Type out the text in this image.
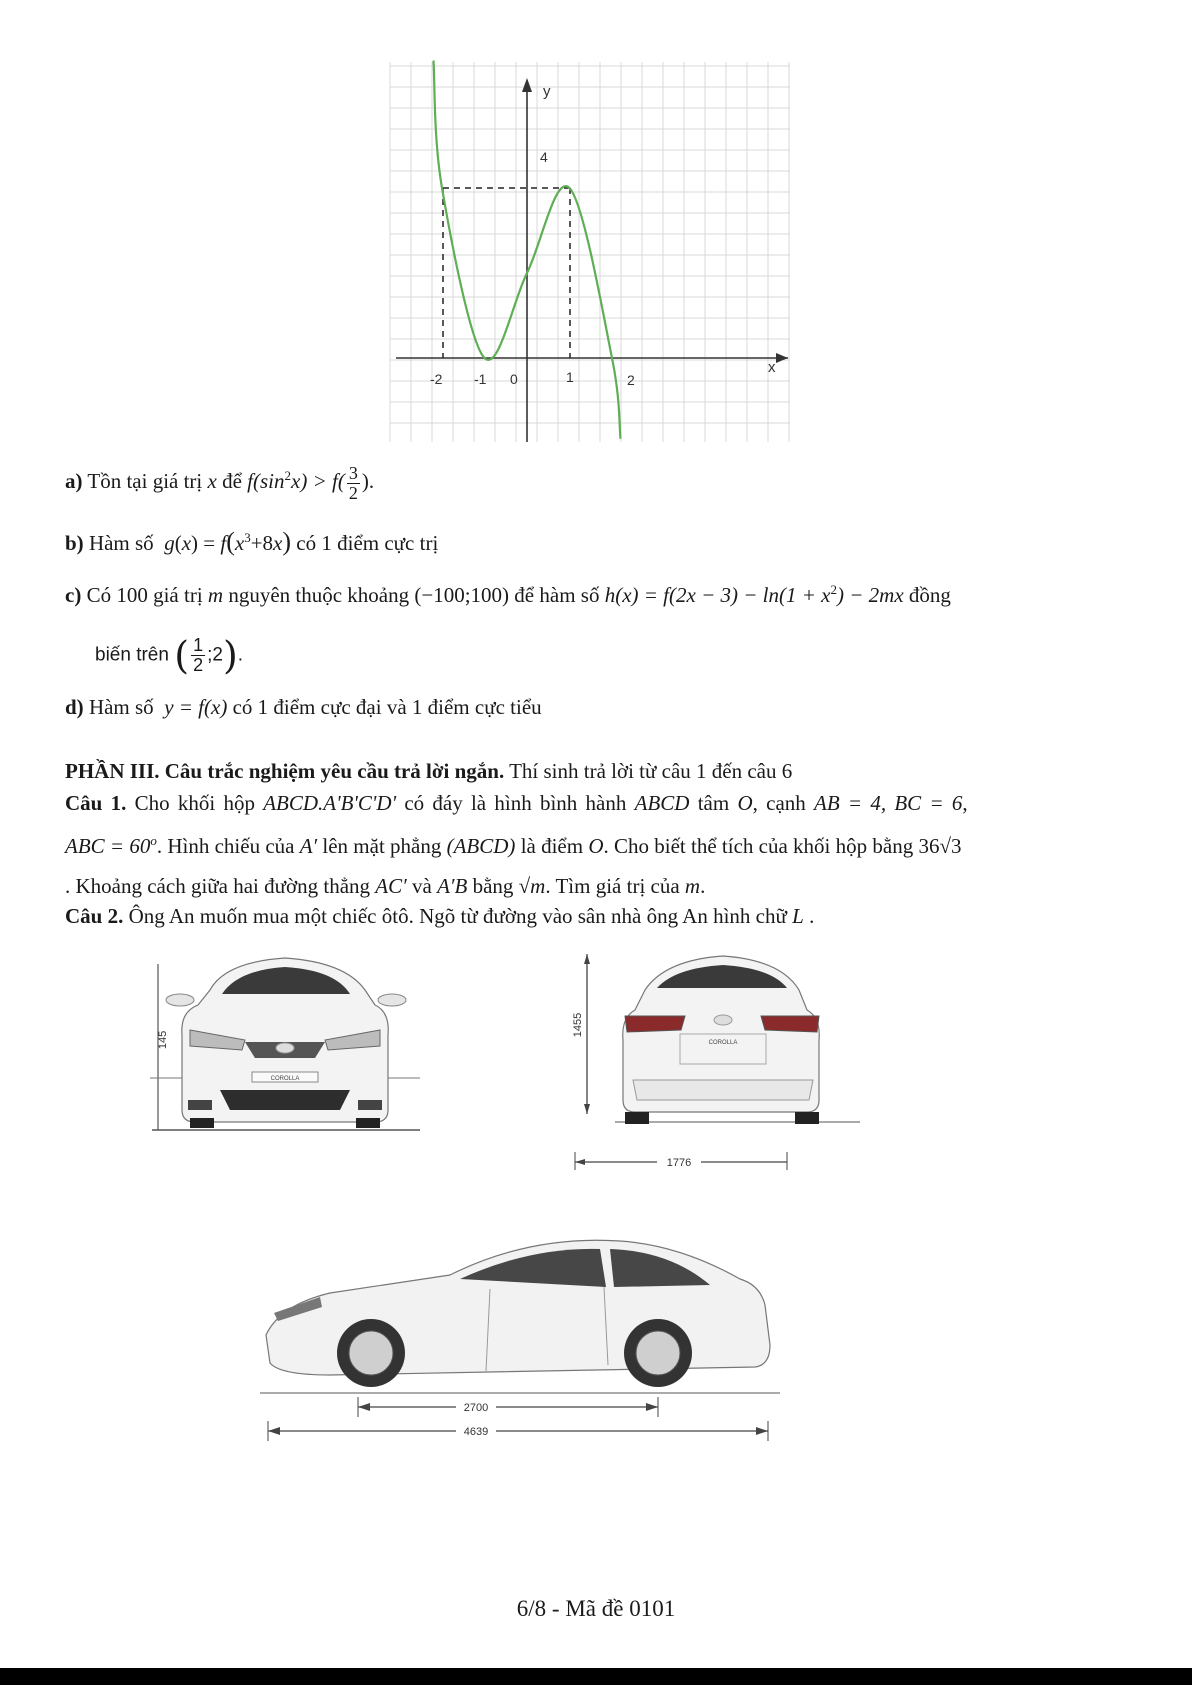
y
x
4
-2 -1 0	1	2
a) Tồn tại giá trị x để $f(\sin^2x) > f( \frac{3}{2}$ ).
b) Hàm số $g(x) = f(x^3+8x)$ có 1 điểm cực trị
c) Có 100 giá trị m nguyên thuộc khoảng (−100;100) để hàm số $h(x) = f(2x - 3) - \ln(1 + x^2) - 2mx$ đồng
biến trên ( $\frac{1}{2}$ ;2).
d) Hàm số y = f(x) có 1 điểm cực đại và 1 điểm cực tiểu
PHẦN III. Câu trắc nghiệm yêu cầu trả lời ngắn. Thí sinh trả lời từ câu 1 đến câu 6
Câu 1. Cho khối hộp ABCD.A'B'C'D' có đáy là hình bình hành ABCD tâm O, cạnh AB = 4, BC = 6,
ABC = $60^o$. Hình chiếu của A′ lên mặt phẳng (ABCD) là điểm O. Cho biết thể tích của khối hộp bằng 36√3
. Khoảng cách giữa hai đường thẳng AC′ và A′B bằng √m. Tìm giá trị của m.
Câu 2. Ông An muốn mua một chiếc ôtô. Ngõ từ đường vào sân nhà ông An hình chữ L .
145
COROLLA
1455
COROLLA
1776
2700
4639
6/8 - Mã đề 0101
